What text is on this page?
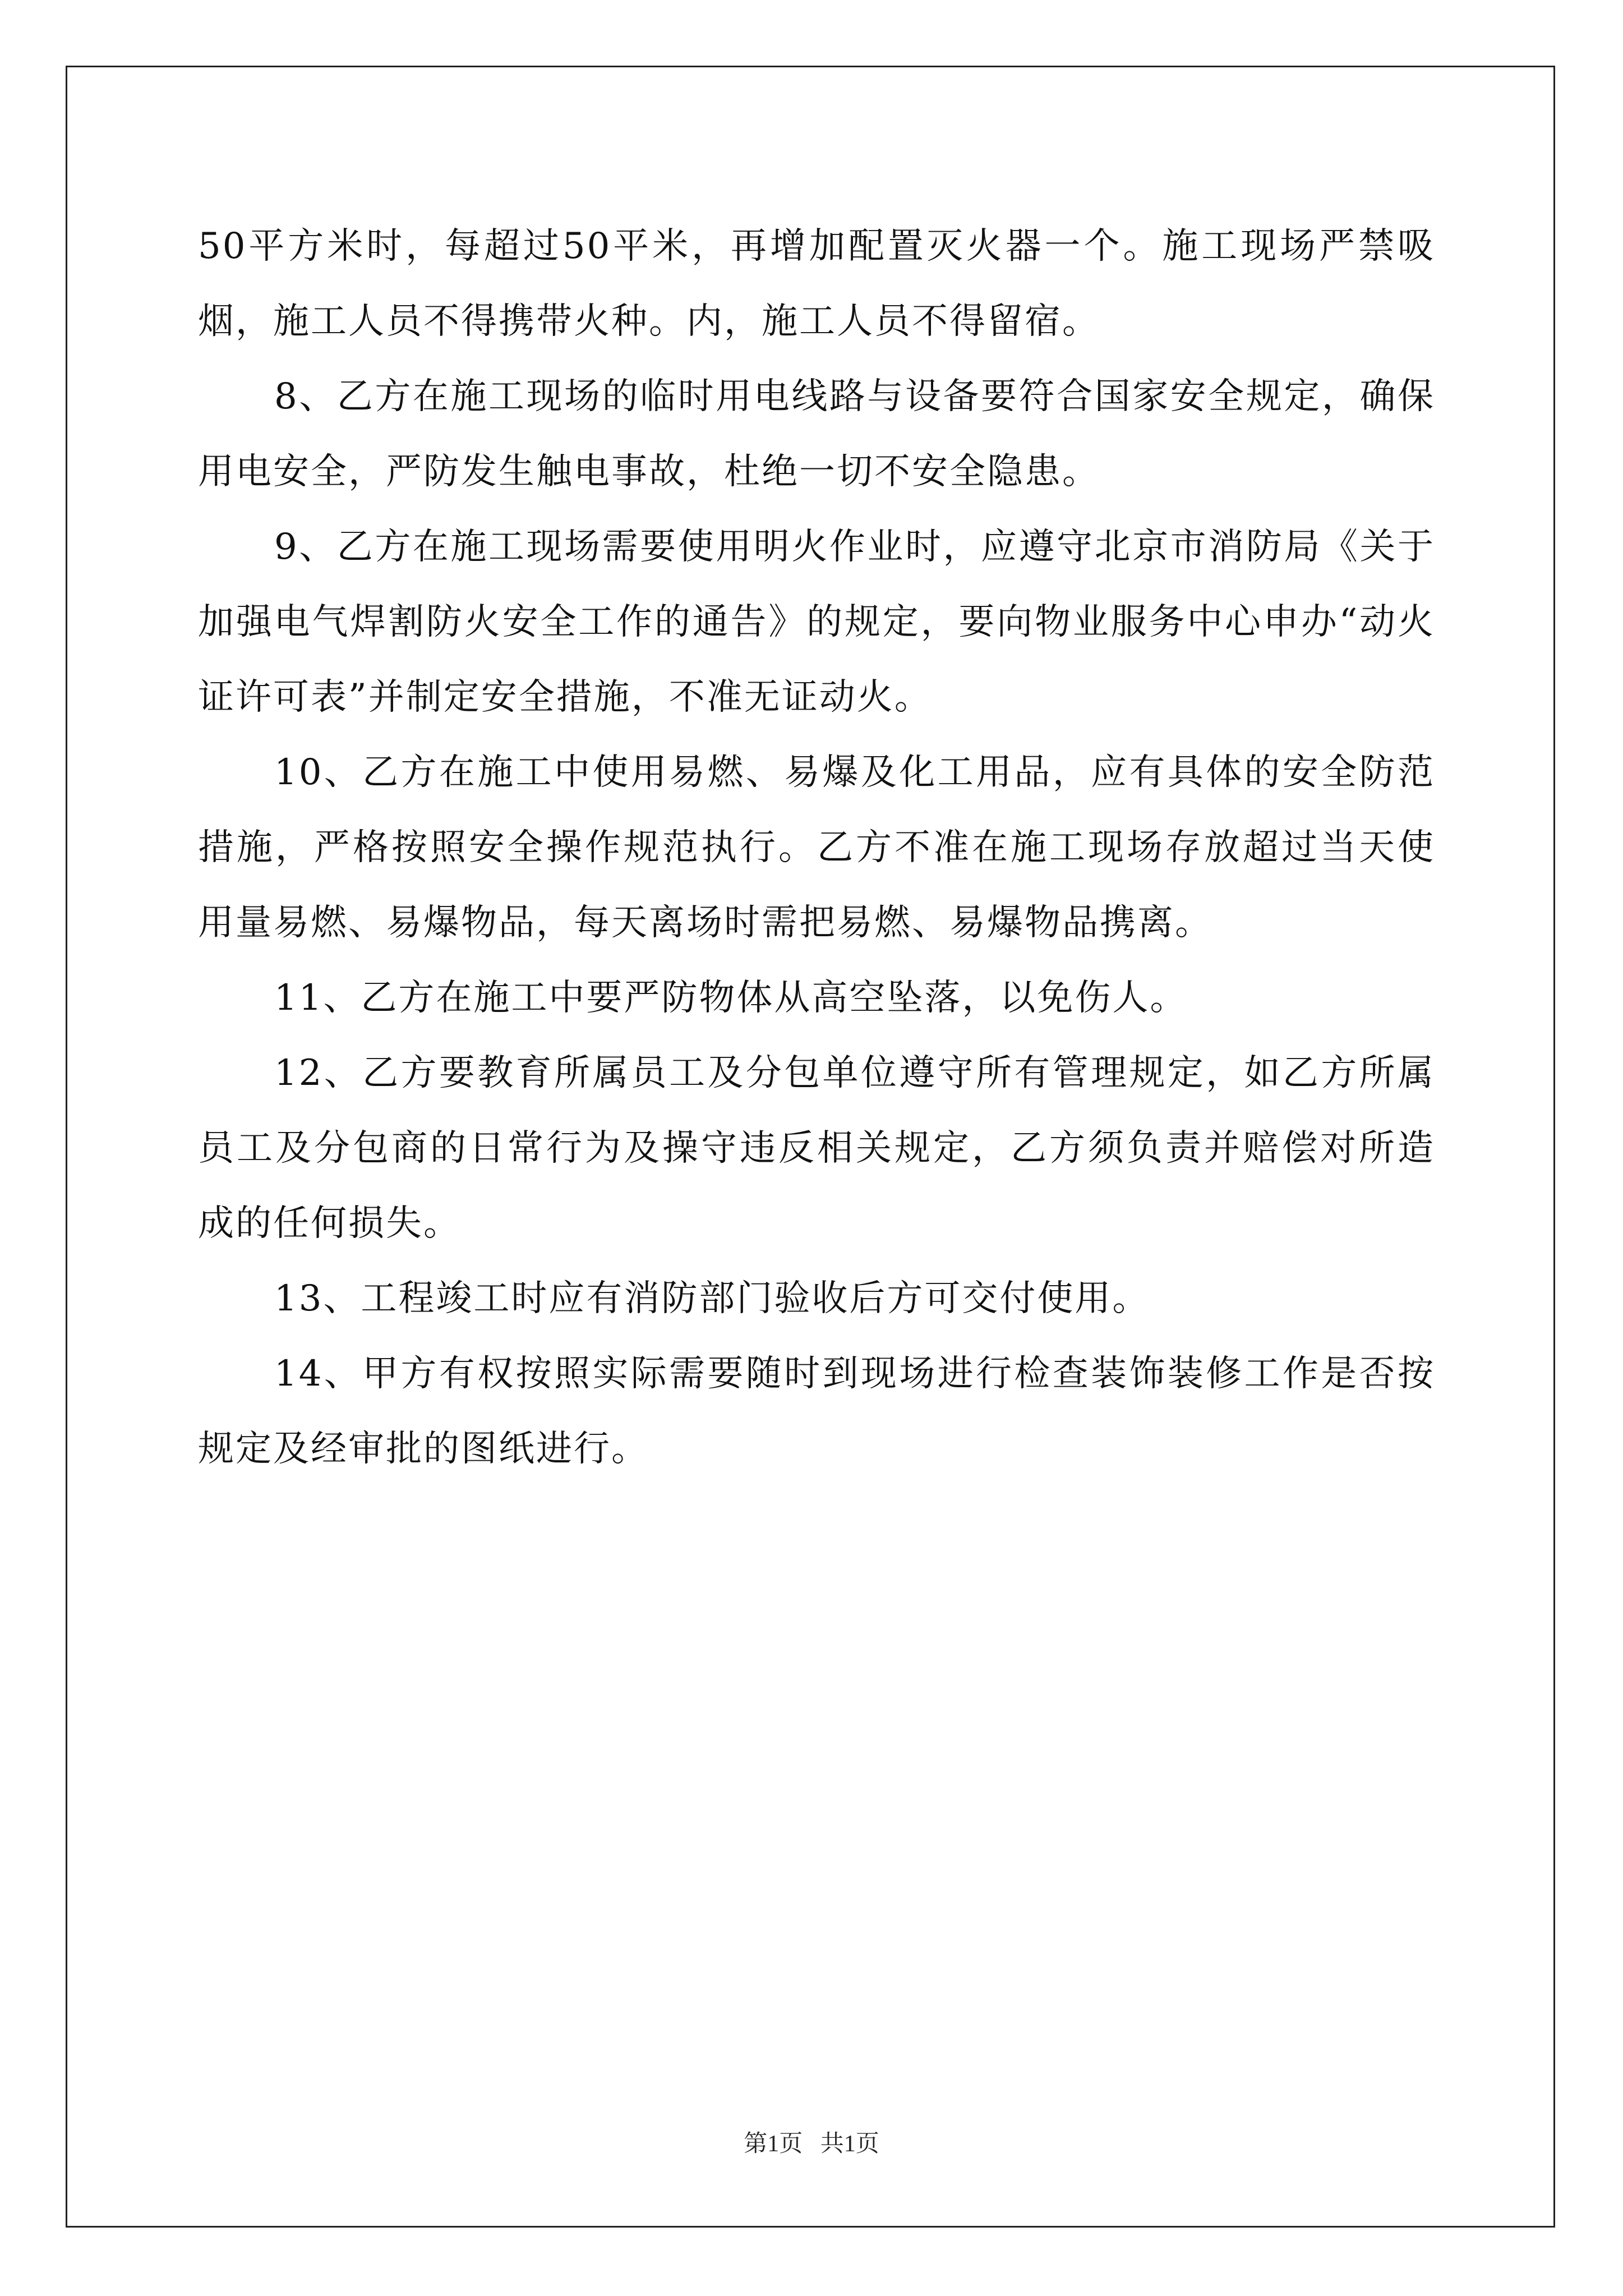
50平方米时，每超过50平米，再增加配置灭火器一个。施工现场严禁吸烟，施工人员不得携带火种。内，施工人员不得留宿。

8、乙方在施工现场的临时用电线路与设备要符合国家安全规定，确保用电安全，严防发生触电事故，杜绝一切不安全隐患。

9、乙方在施工现场需要使用明火作业时，应遵守北京市消防局《关于加强电气焊割防火安全工作的通告》的规定，要向物业服务中心申办“动火证许可表”并制定安全措施，不准无证动火。

10、乙方在施工中使用易燃、易爆及化工用品，应有具体的安全防范措施，严格按照安全操作规范执行。乙方不准在施工现场存放超过当天使用量易燃、易爆物品，每天离场时需把易燃、易爆物品携离。

11、乙方在施工中要严防物体从高空坠落，以免伤人。

12、乙方要教育所属员工及分包单位遵守所有管理规定，如乙方所属员工及分包商的日常行为及操守违反相关规定，乙方须负责并赔偿对所造成的任何损失。

13、工程竣工时应有消防部门验收后方可交付使用。

14、甲方有权按照实际需要随时到现场进行检查装饰装修工作是否按规定及经审批的图纸进行。

第1页   共1页
